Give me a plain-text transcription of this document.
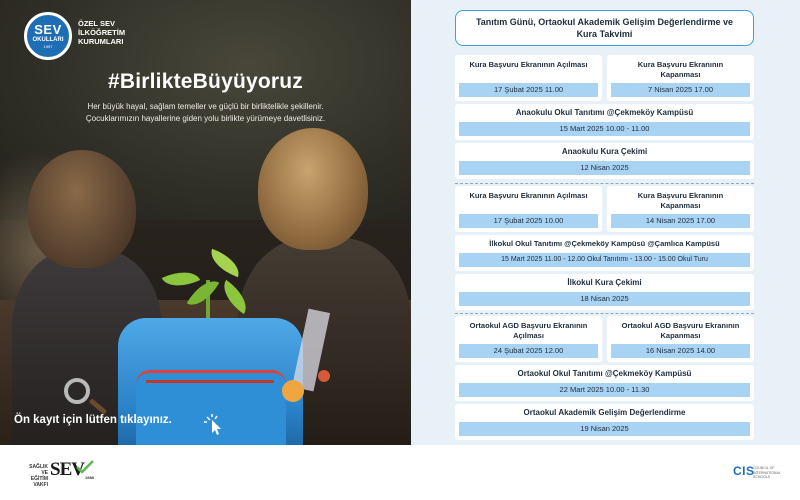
SEV
OKULLARI
1997
ÖZEL SEV İLKÖĞRETİM KURUMLARI
#BirlikteBüyüyoruz
Her büyük hayal, sağlam temeller ve güçlü bir birliktelikle şekillenir. Çocuklarımızın hayallerine giden yolu birlikte yürümeye davetlisiniz.
Ön kayıt için lütfen tıklayınız.
Tanıtım Günü, Ortaokul Akademik Gelişim Değerlendirme ve Kura Takvimi
Kura Başvuru Ekranının Açılması
17 Şubat 2025 11.00
Kura Başvuru Ekranının Kapanması
7 Nisan 2025 17.00
Anaokulu Okul Tanıtımı @Çekmeköy Kampüsü
15 Mart 2025 10.00 - 11.00
Anaokulu Kura Çekimi
12 Nisan 2025
Kura Başvuru Ekranının Açılması
17 Şubat 2025 10.00
Kura Başvuru Ekranının Kapanması
14 Nisan 2025 17.00
İlkokul Okul Tanıtımı @Çekmeköy Kampüsü @Çamlıca Kampüsü
15 Mart 2025 11.00 - 12.00 Okul Tanıtımı - 13.00 - 15.00 Okul Turu
İlkokul Kura Çekimi
18 Nisan 2025
Ortaokul AGD Başvuru Ekranının Açılması
24 Şubat 2025 12.00
Ortaokul AGD Başvuru Ekranının Kapanması
16 Nisan 2025 14.00
Ortaokul Okul Tanıtımı @Çekmeköy Kampüsü
22 Mart 2025 10.00 - 11.30
Ortaokul Akademik Gelişim Değerlendirme
19 Nisan 2025
SAĞLIK VE EĞİTİM VAKFI
SEV 1988	CIS
COUNCIL OF INTERNATIONAL SCHOOLS
